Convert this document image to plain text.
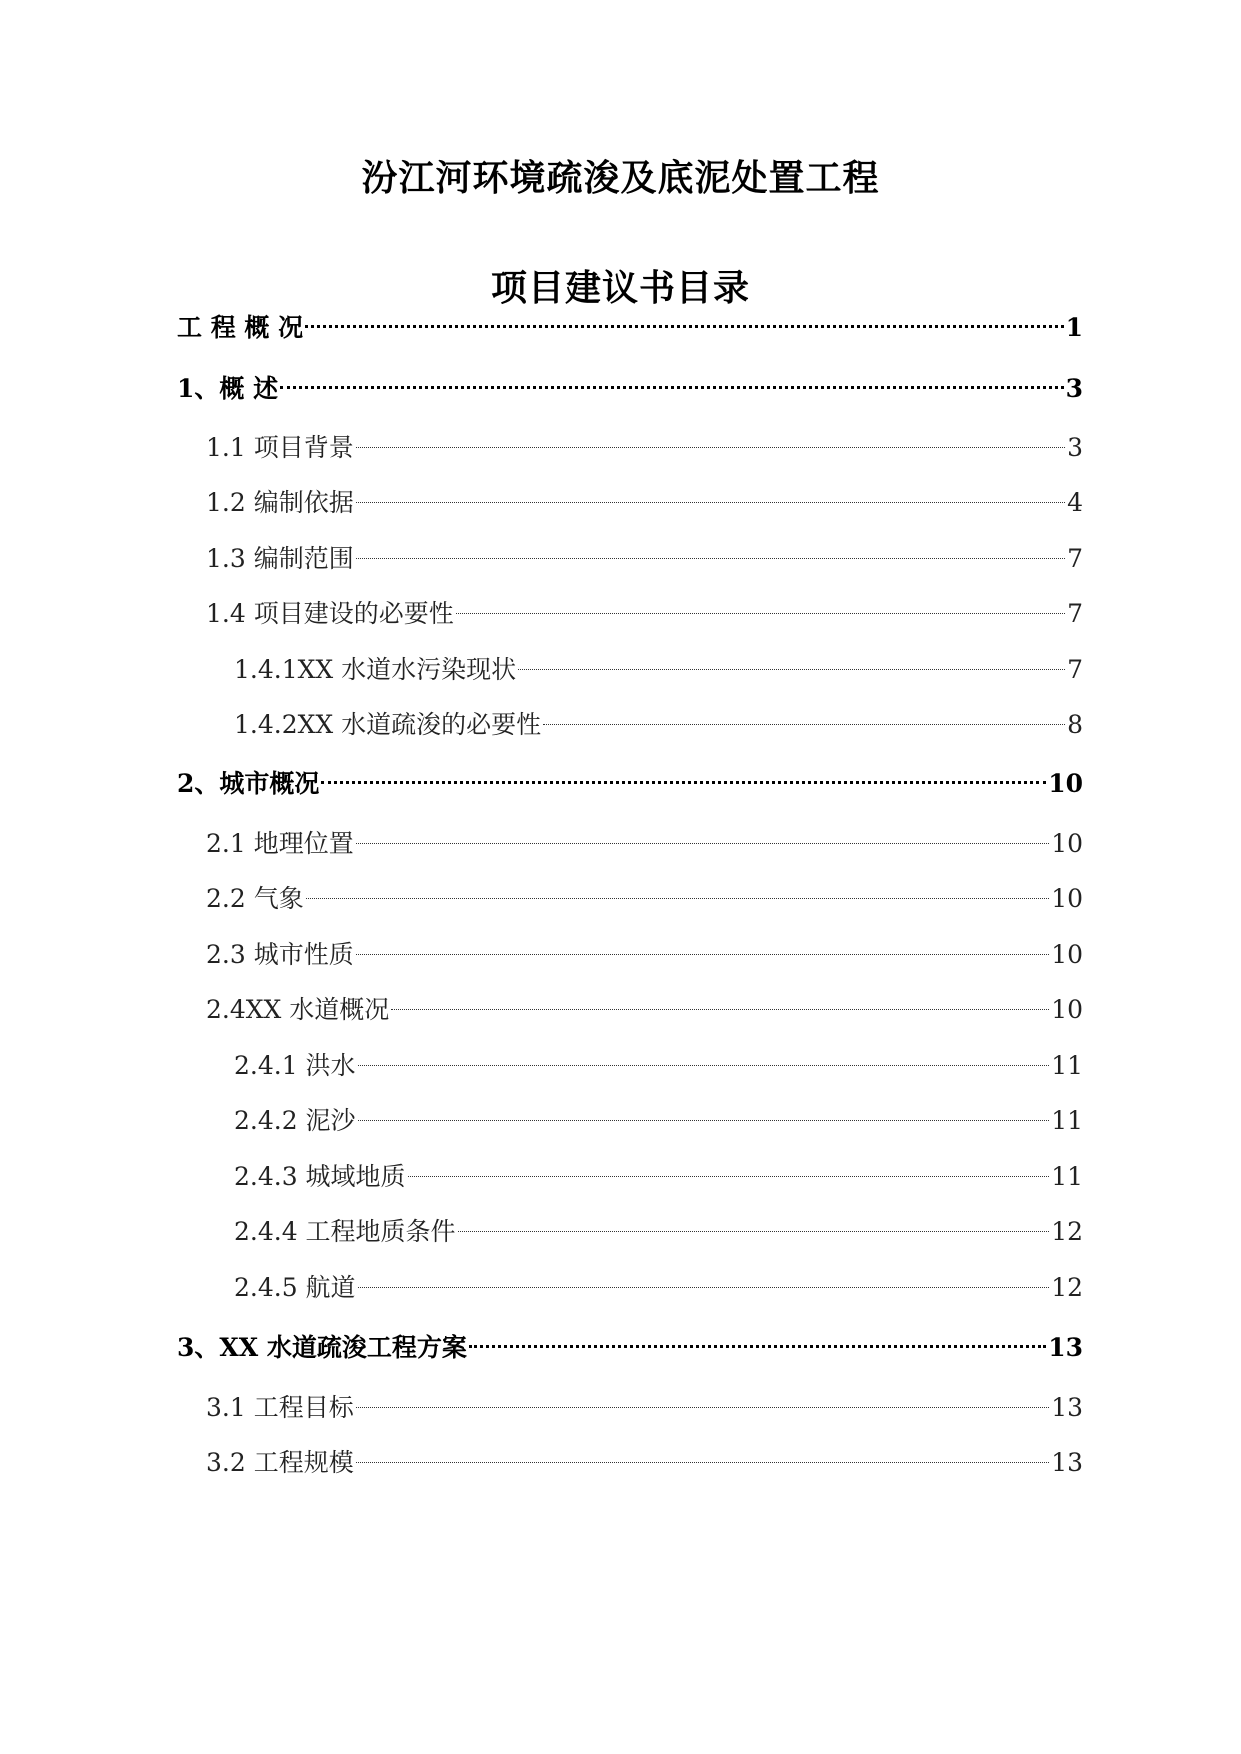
汾江河环境疏浚及底泥处置工程
项目建议书目录
工 程 概 况	1
1、概 述	3
1.1 项目背景	3
1.2 编制依据	4
1.3 编制范围	7
1.4 项目建设的必要性	7
1.4.1XX 水道水污染现状	7
1.4.2XX 水道疏浚的必要性	8
2、城市概况	10
2.1 地理位置	10
2.2 气象	10
2.3 城市性质	10
2.4XX 水道概况	10
2.4.1 洪水	11
2.4.2 泥沙	11
2.4.3 城域地质	11
2.4.4 工程地质条件	12
2.4.5 航道	12
3、XX 水道疏浚工程方案	13
3.1 工程目标	13
3.2 工程规模	13
